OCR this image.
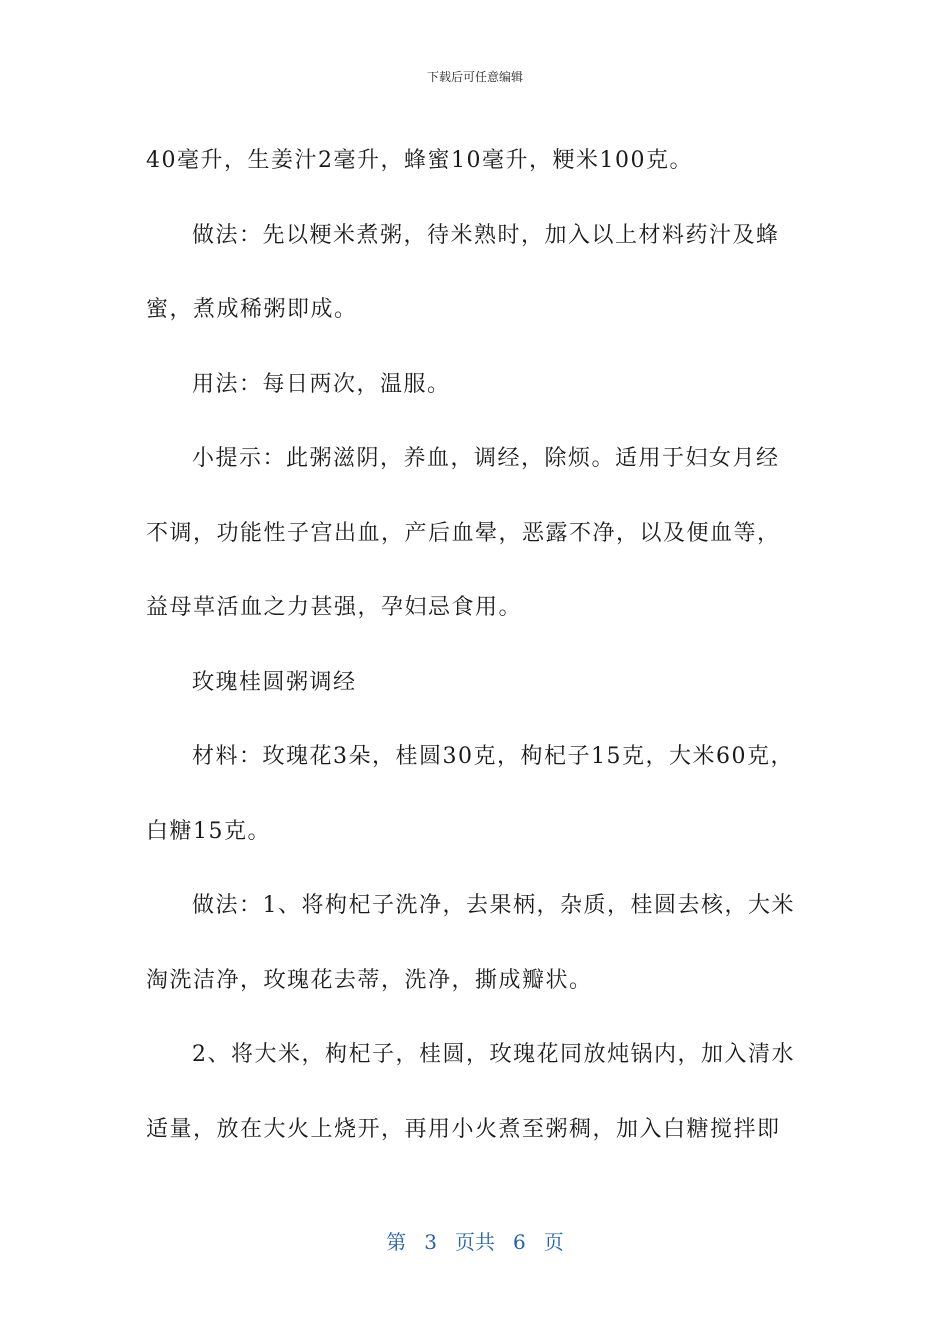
下载后可任意编辑
40毫升，生姜汁2毫升，蜂蜜10毫升，粳米100克。
做法：先以粳米煮粥，待米熟时，加入以上材料药汁及蜂
蜜，煮成稀粥即成。
用法：每日两次，温服。
小提示：此粥滋阴，养血，调经，除烦。适用于妇女月经
不调，功能性子宫出血，产后血晕，恶露不净，以及便血等，
益母草活血之力甚强，孕妇忌食用。
玫瑰桂圆粥调经
材料：玫瑰花3朵，桂圆30克，枸杞子15克，大米60克，
白糖15克。
做法：1、将枸杞子洗净，去果柄，杂质，桂圆去核，大米
淘洗洁净，玫瑰花去蒂，洗净，撕成瓣状。
2、将大米，枸杞子，桂圆，玫瑰花同放炖锅内，加入清水
适量，放在大火上烧开，再用小火煮至粥稠，加入白糖搅拌即
第 3 页共 6 页
